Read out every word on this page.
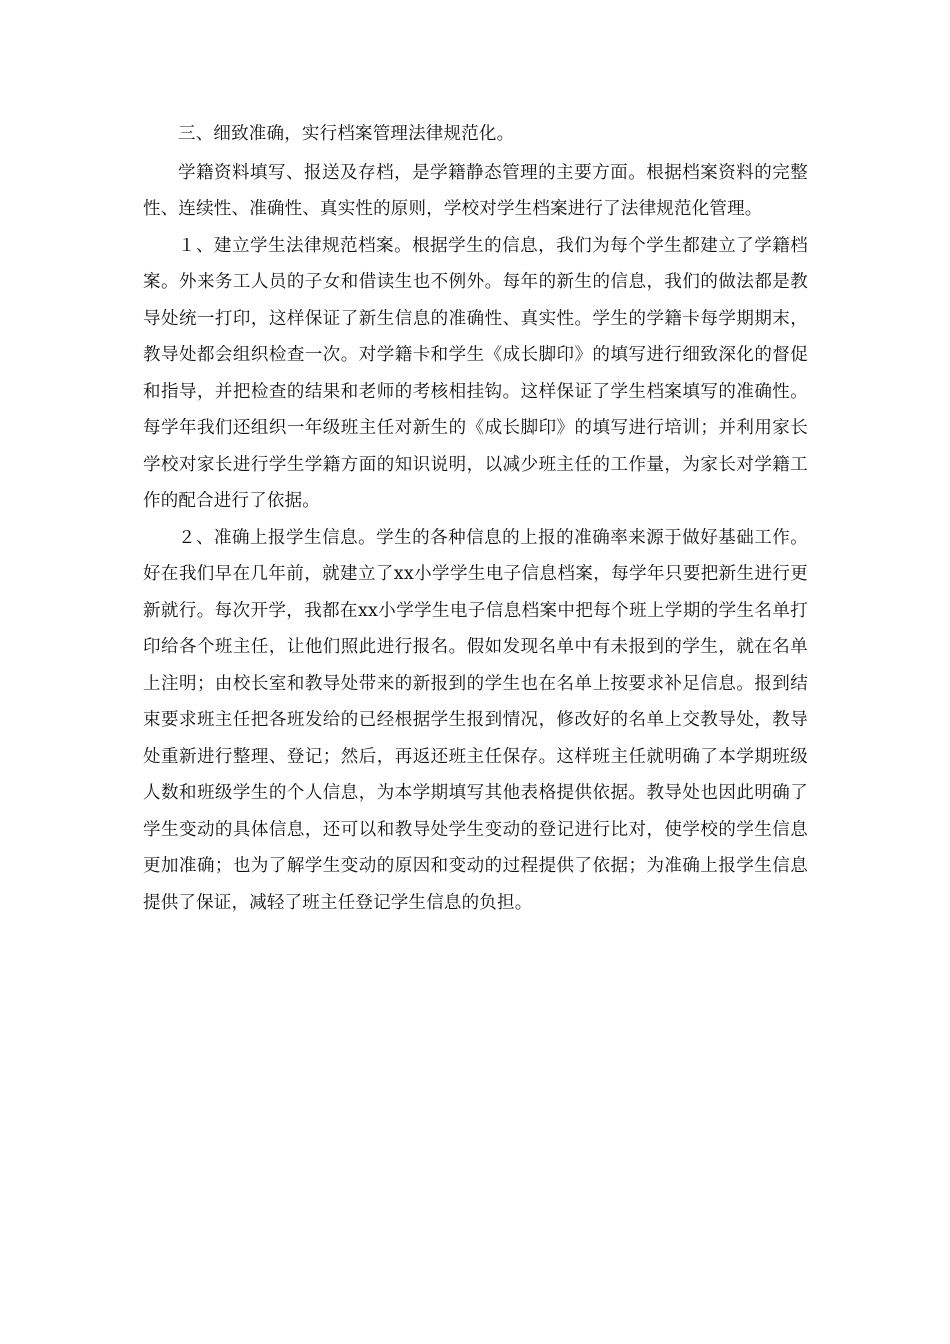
三、细致准确，实行档案管理法律规范化。

学籍资料填写、报送及存档，是学籍静态管理的主要方面。根据档案资料的完整性、连续性、准确性、真实性的原则，学校对学生档案进行了法律规范化管理。

１、建立学生法律规范档案。根据学生的信息，我们为每个学生都建立了学籍档案。外来务工人员的子女和借读生也不例外。每年的新生的信息，我们的做法都是教导处统一打印，这样保证了新生信息的准确性、真实性。学生的学籍卡每学期期末，教导处都会组织检查一次。对学籍卡和学生《成长脚印》的填写进行细致深化的督促和指导，并把检查的结果和老师的考核相挂钩。这样保证了学生档案填写的准确性。每学年我们还组织一年级班主任对新生的《成长脚印》的填写进行培训；并利用家长学校对家长进行学生学籍方面的知识说明，以减少班主任的工作量，为家长对学籍工作的配合进行了依据。

２、准确上报学生信息。学生的各种信息的上报的准确率来源于做好基础工作。好在我们早在几年前，就建立了xx小学学生电子信息档案，每学年只要把新生进行更新就行。每次开学，我都在xx小学学生电子信息档案中把每个班上学期的学生名单打印给各个班主任，让他们照此进行报名。假如发现名单中有未报到的学生，就在名单上注明；由校长室和教导处带来的新报到的学生也在名单上按要求补足信息。报到结束要求班主任把各班发给的已经根据学生报到情况，修改好的名单上交教导处，教导处重新进行整理、登记；然后，再返还班主任保存。这样班主任就明确了本学期班级人数和班级学生的个人信息，为本学期填写其他表格提供依据。教导处也因此明确了学生变动的具体信息，还可以和教导处学生变动的登记进行比对，使学校的学生信息更加准确；也为了解学生变动的原因和变动的过程提供了依据；为准确上报学生信息提供了保证，减轻了班主任登记学生信息的负担。
